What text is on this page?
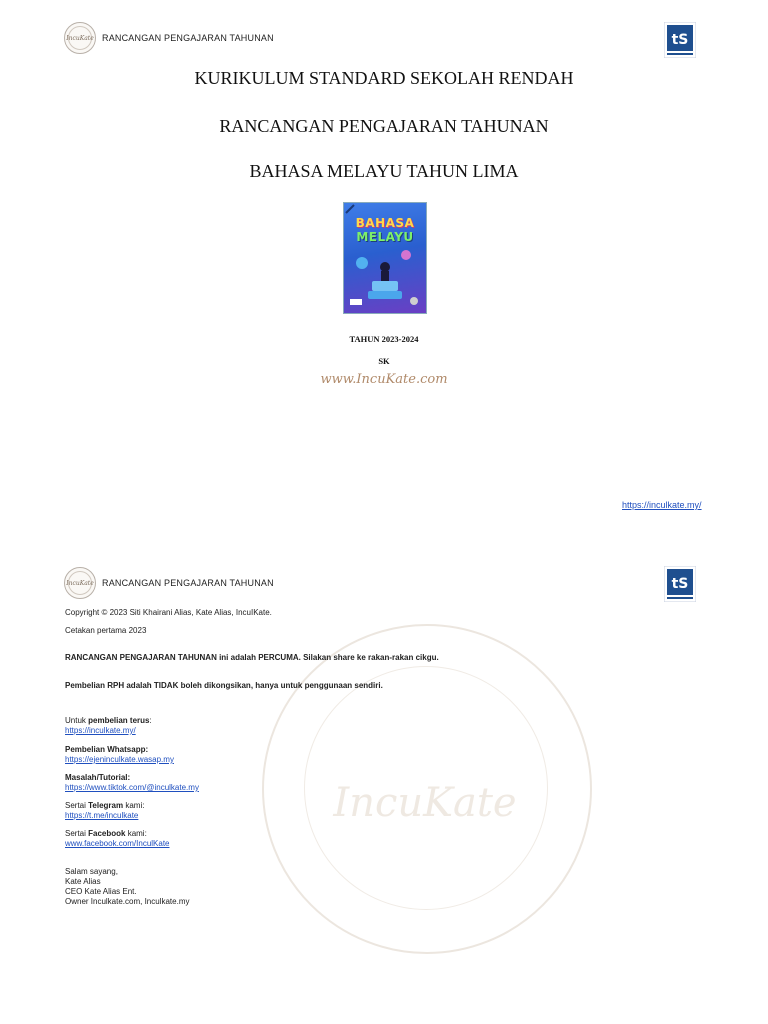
IncuKate RANCANGAN PENGAJARAN TAHUNAN	tS
KURIKULUM STANDARD SEKOLAH RENDAH
RANCANGAN PENGAJARAN TAHUNAN
BAHASA MELAYU TAHUN LIMA
BAHASA
MELAYU
TAHUN 2023-2024
SK
www.IncuKate.com
https://inculkate.my/
IncuKate
IncuKate RANCANGAN PENGAJARAN TAHUNAN	tS
Copyright © 2023 Siti Khairani Alias, Kate Alias, IncuIKate.
Cetakan pertama 2023
RANCANGAN PENGAJARAN TAHUNAN ini adalah PERCUMA. Silakan share ke rakan-rakan cikgu.
Pembelian RPH adalah TIDAK boleh dikongsikan, hanya untuk penggunaan sendiri.
Untuk pembelian terus:
https://inculkate.my/
Pembelian Whatsapp:
https://ejeninculkate.wasap.my
Masalah/Tutorial:
https://www.tiktok.com/@inculkate.my
Sertai Telegram kami:
https://t.me/inculkate
Sertai Facebook kami:
www.facebook.com/InculKate
Salam sayang,
Kate Alias
CEO Kate Alias Ent.
Owner Inculkate.com, Inculkate.my
